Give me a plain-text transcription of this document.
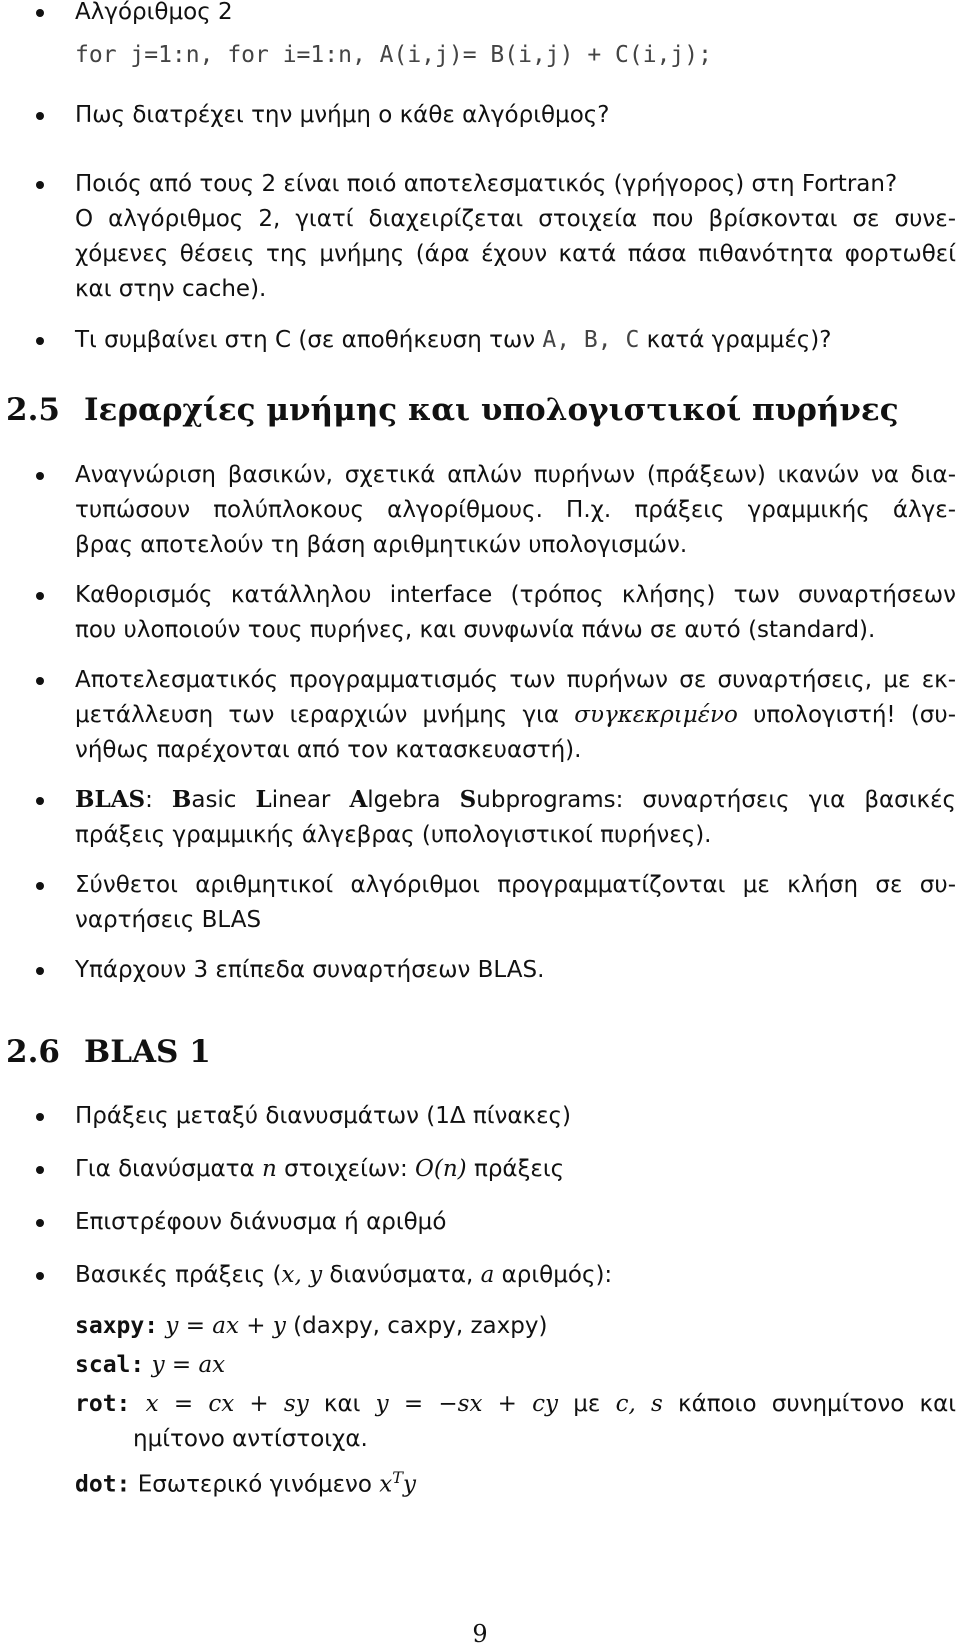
Αλγόριθμος 2
for j=1:n, for i=1:n, A(i,j)= B(i,j) + C(i,j);
Πως διατρέχει την μνήμη ο κάθε αλγόριθμος?
Ποιός από τους 2 είναι ποιό αποτελεσματικός (γρήγορος) στη Fortran?
Ο αλγόριθμος 2, γιατί διαχειρίζεται στοιχεία που βρίσκονται σε συνε-
χόμενες θέσεις της μνήμης (άρα έχουν κατά πάσα πιθανότητα φορτωθεί
και στην cache).
Τι συμβαίνει στη C (σε αποθήκευση των A, B, C κατά γραμμές)?
2.5 Ιεραρχίες μνήμης και υπολογιστικοί πυρήνες
Αναγνώριση βασικών, σχετικά απλών πυρήνων (πράξεων) ικανών να δια-
τυπώσουν πολύπλοκους αλγορίθμους. Π.χ. πράξεις γραμμικής άλγε-
βρας αποτελούν τη βάση αριθμητικών υπολογισμών.
Καθορισμός κατάλληλου interface (τρόπος κλήσης) των συναρτήσεων
που υλοποιούν τους πυρήνες, και συνφωνία πάνω σε αυτό (standard).
Αποτελεσματικός προγραμματισμός των πυρήνων σε συναρτήσεις, με εκ-
μετάλλευση των ιεραρχιών μνήμης για συγκεκριμένο υπολογιστή! (συ-
νήθως παρέχονται από τον κατασκευαστή).
BLAS: Basic Linear Algebra Subprograms: συναρτήσεις για βασικές
πράξεις γραμμικής άλγεβρας (υπολογιστικοί πυρήνες).
Σύνθετοι αριθμητικοί αλγόριθμοι προγραμματίζονται με κλήση σε συ-
ναρτήσεις BLAS
Υπάρχουν 3 επίπεδα συναρτήσεων BLAS.
2.6 BLAS 1
Πράξεις μεταξύ διανυσμάτων (1Δ πίνακες)
Για διανύσματα n στοιχείων: O(n) πράξεις
Επιστρέφουν διάνυσμα ή αριθμό
Βασικές πράξεις (x, y διανύσματα, a αριθμός):
saxpy: y = ax + y (daxpy, caxpy, zaxpy)
scal: y = ax
rot: x = cx + sy και y = −sx + cy με c, s κάποιο συνημίτονο και
ημίτονο αντίστοιχα.
dot: Εσωτερικό γινόμενο $x^Ty$
9
